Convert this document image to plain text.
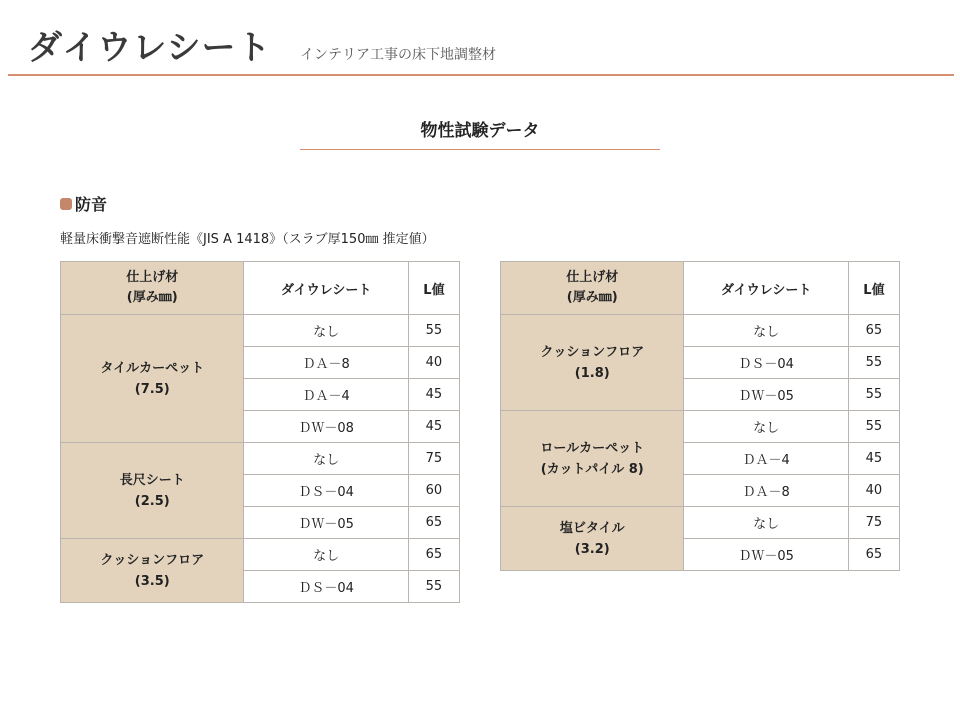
ダイウレシート インテリア工事の床下地調整材
物性試験データ
防音
軽量床衝撃音遮断性能《JIS A 1418》（スラブ厚150㎜ 推定値）
仕上げ材
(厚み㎜)	ダイウレシート	L値

タイルカーペット
(7.5)	なし	55
	ＤＡ－8	40
	ＤＡ－4	45
	ＤＷ－08	45

長尺シート
(2.5)	なし	75
	ＤＳ－04	60
	ＤＷ－05	65

クッションフロア
(3.5)	なし	65
	ＤＳ－04	55
仕上げ材
(厚み㎜)	ダイウレシート	L値

クッションフロア
(1.8)	なし	65
	ＤＳ－04	55
	ＤＷ－05	55

ロールカーペット
(カットパイル 8)	なし	55
	ＤＡ－4	45
	ＤＡ－8	40

塩ビタイル
(3.2)	なし	75
	ＤＷ－05	65
